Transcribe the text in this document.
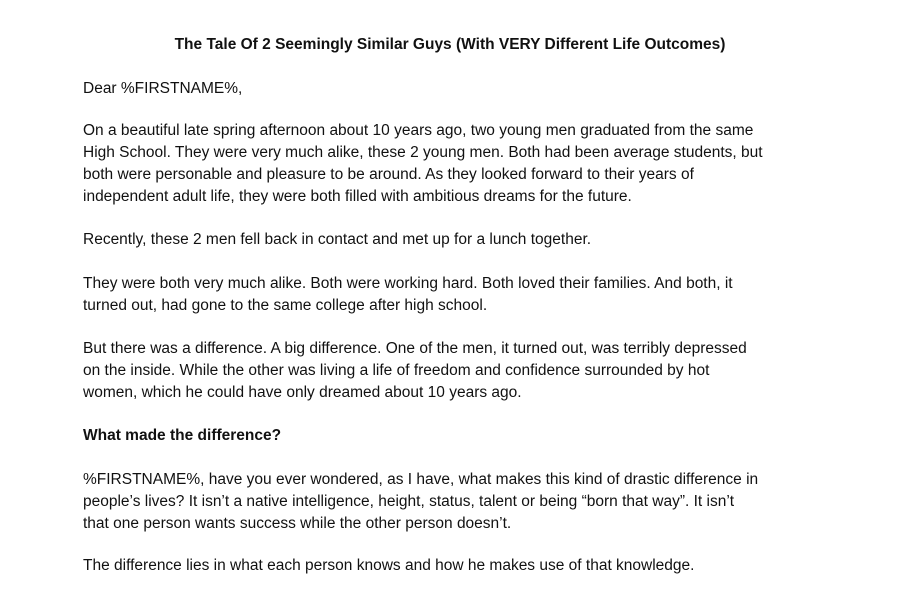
The Tale Of 2 Seemingly Similar Guys (With VERY Different Life Outcomes)

Dear %FIRSTNAME%,

On a beautiful late spring afternoon about 10 years ago, two young men graduated from the same
High School. They were very much alike, these 2 young men. Both had been average students, but
both were personable and pleasure to be around. As they looked forward to their years of
independent adult life, they were both filled with ambitious dreams for the future.

Recently, these 2 men fell back in contact and met up for a lunch together.

They were both very much alike. Both were working hard. Both loved their families. And both, it
turned out, had gone to the same college after high school.

But there was a difference. A big difference. One of the men, it turned out, was terribly depressed
on the inside. While the other was living a life of freedom and confidence surrounded by hot
women, which he could have only dreamed about 10 years ago.

What made the difference?

%FIRSTNAME%, have you ever wondered, as I have, what makes this kind of drastic difference in
people’s lives? It isn’t a native intelligence, height, status, talent or being “born that way”. It isn’t
that one person wants success while the other person doesn’t.

The difference lies in what each person knows and how he makes use of that knowledge.
